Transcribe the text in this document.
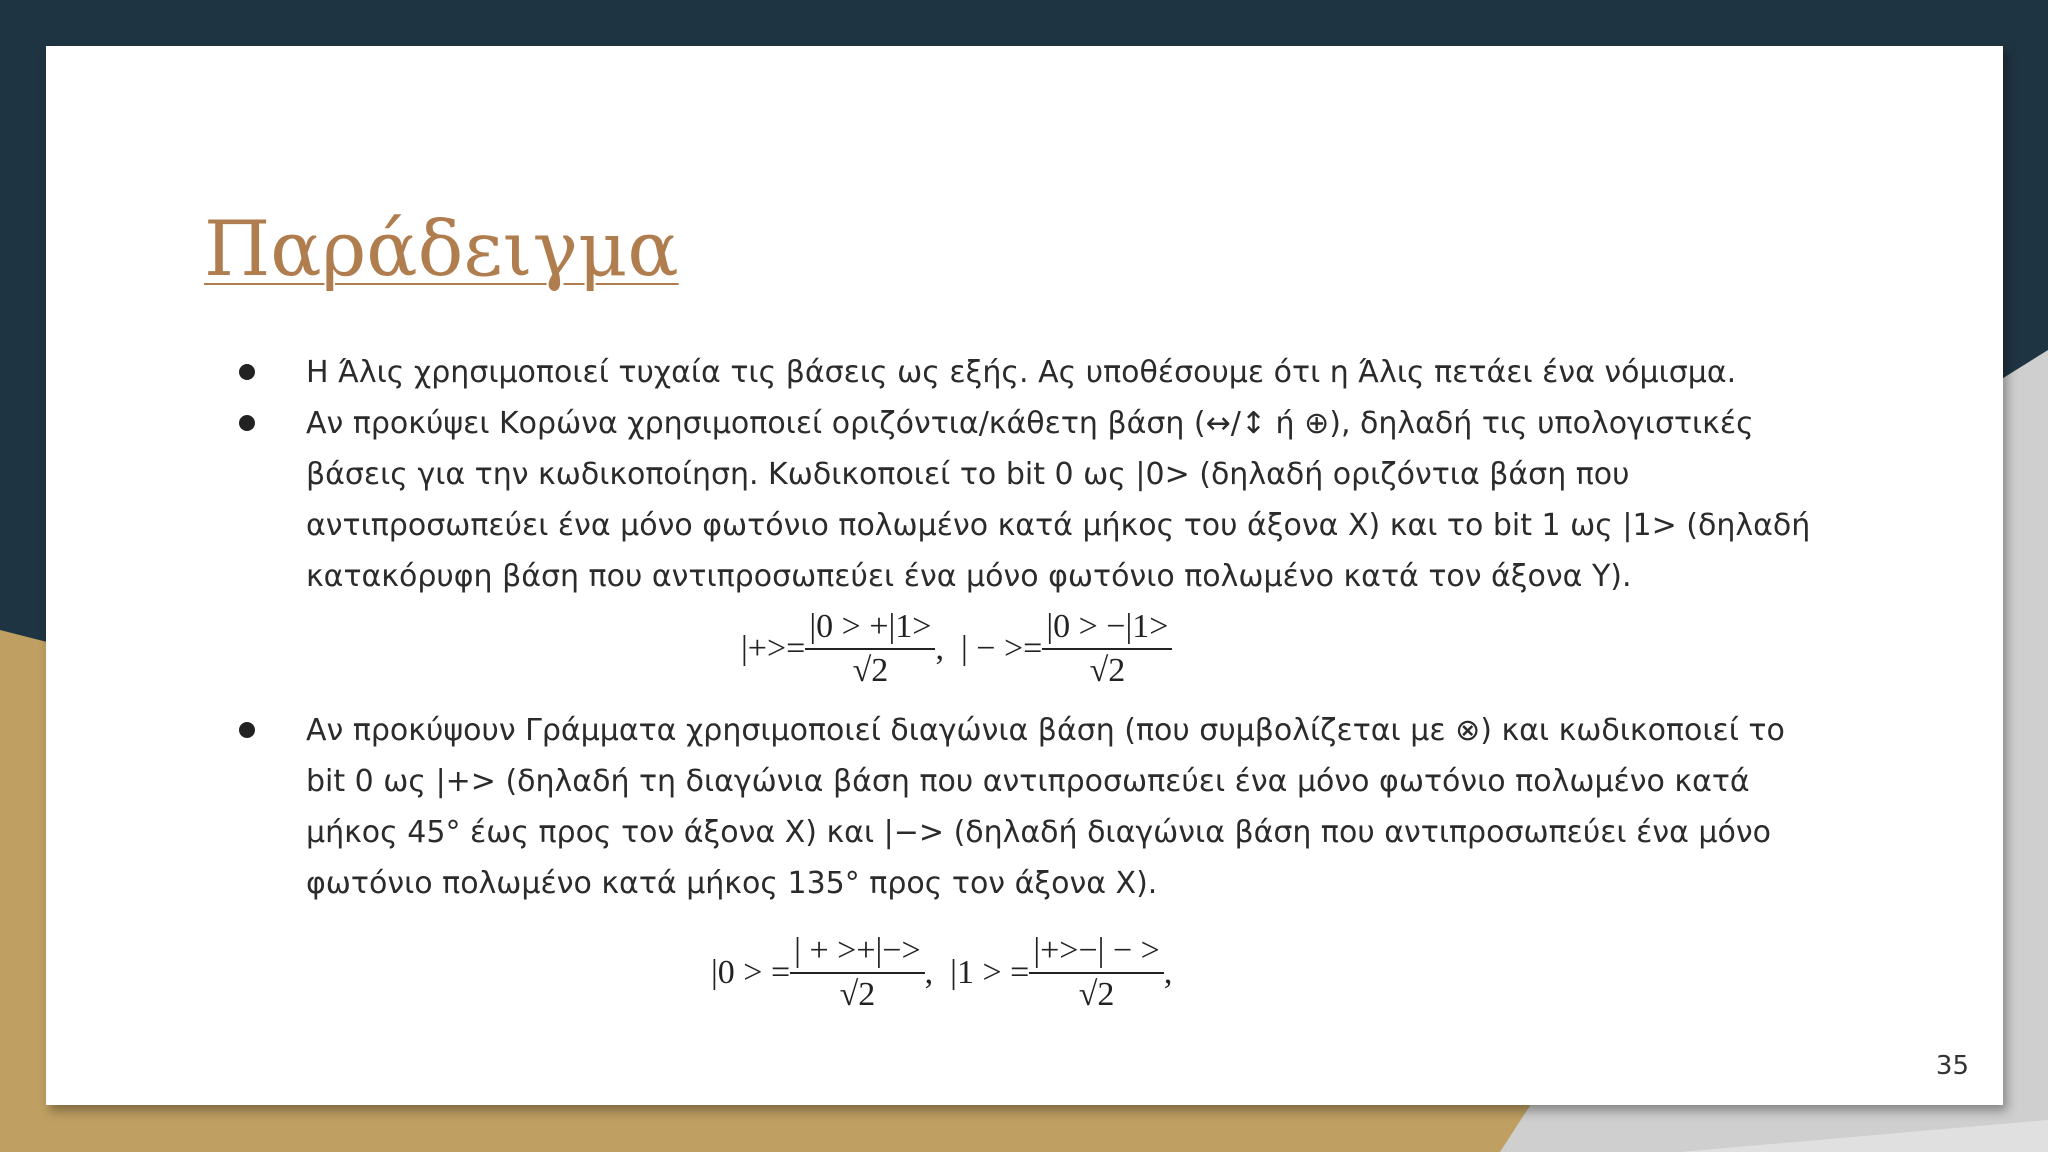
Παράδειγμα

Η Άλις χρησιμοποιεί τυχαία τις βάσεις ως εξής. Ας υποθέσουμε ότι η Άλις πετάει ένα νόμισμα.

Αν προκύψει Κορώνα χρησιμοποιεί οριζόντια/κάθετη βάση (↔/↕ ή ⊕), δηλαδή τις υπολογιστικές
βάσεις για την κωδικοποίηση. Κωδικοποιεί το bit 0 ως |0> (δηλαδή οριζόντια βάση που
αντιπροσωπεύει ένα μόνο φωτόνιο πολωμένο κατά μήκος του άξονα X) και το bit 1 ως |1> (δηλαδή
κατακόρυφη βάση που αντιπροσωπεύει ένα μόνο φωτόνιο πολωμένο κατά τον άξονα Y).

Αν προκύψουν Γράμματα χρησιμοποιεί διαγώνια βάση (που συμβολίζεται με ⊗) και κωδικοποιεί το
bit 0 ως |+> (δηλαδή τη διαγώνια βάση που αντιπροσωπεύει ένα μόνο φωτόνιο πολωμένο κατά
μήκος 45° έως προς τον άξονα X) και |−> (δηλαδή διαγώνια βάση που αντιπροσωπεύει ένα μόνο
φωτόνιο πολωμένο κατά μήκος 135° προς τον άξονα X).

|+>= $\frac{|0 > +|1>}{√2}$ , | − >= $\frac{|0 > -|1>}{√2}$
|0 > = $\frac{| + >+|->}{√2}$ , |1 > = $\frac{|+>-| - >}{√2}$ ,
35
